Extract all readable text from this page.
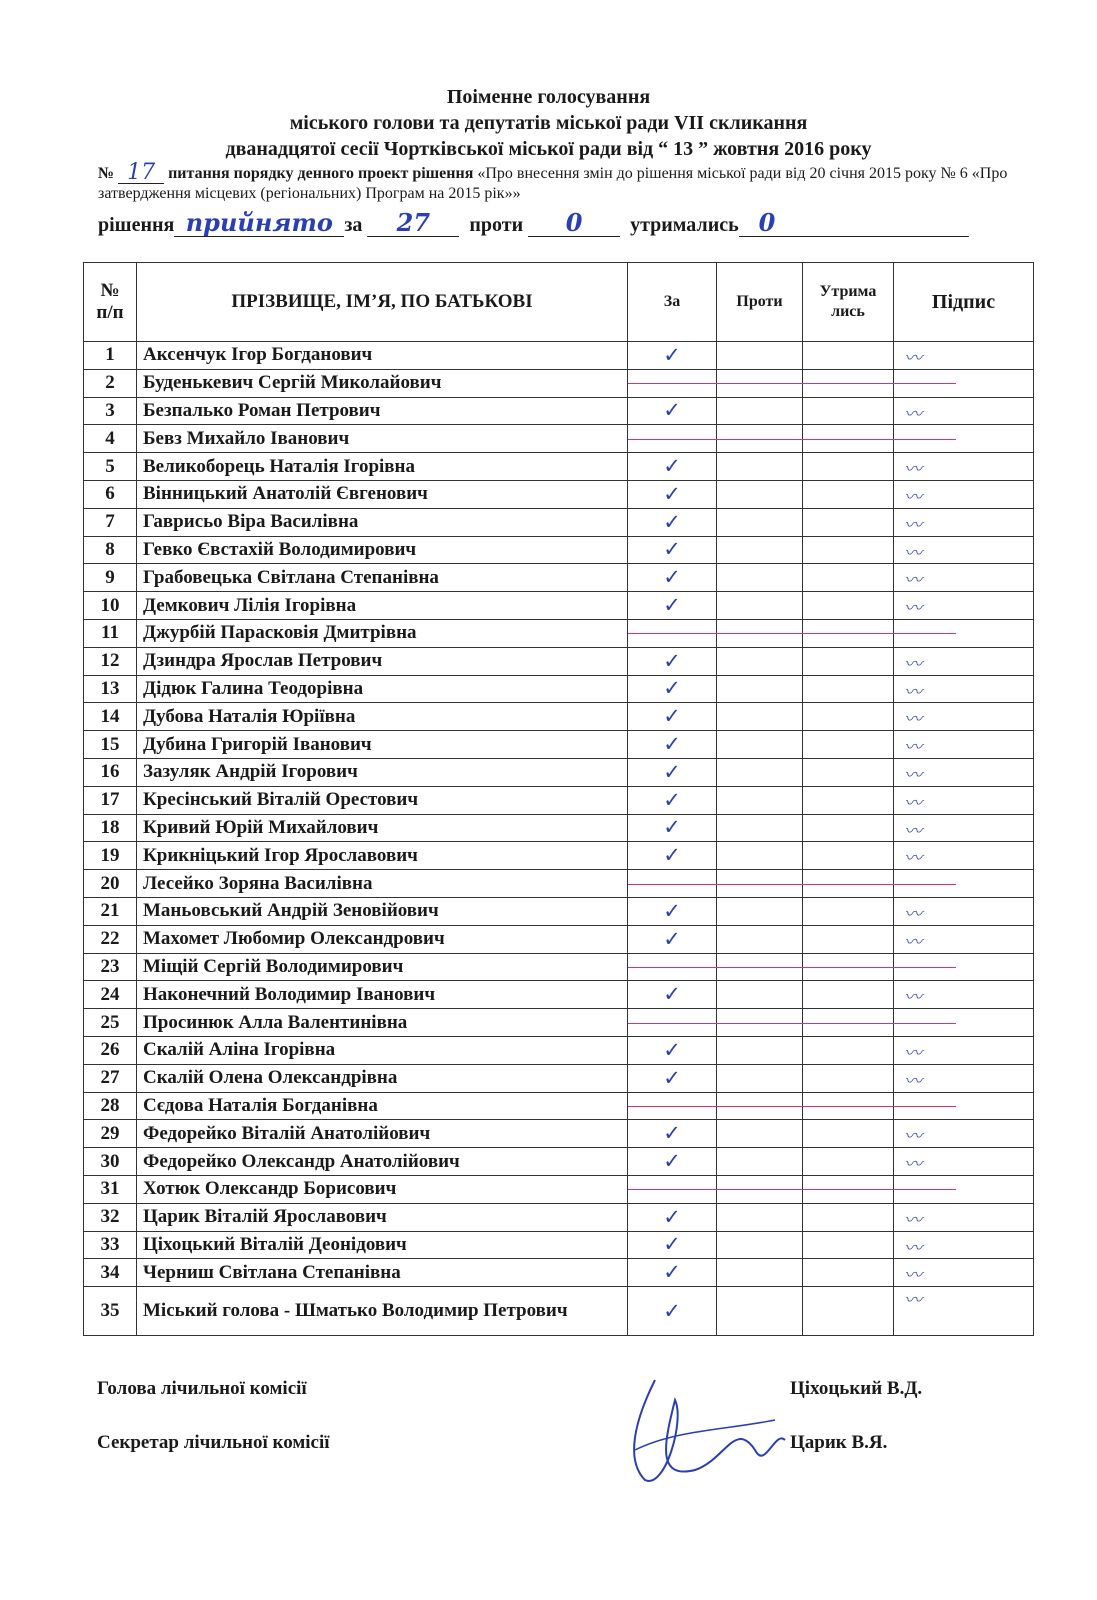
Поіменне голосування
міського голови та депутатів міської ради VII скликання
дванадцятої сесії Чортківської міської ради від “ 13 ” жовтня 2016 року
№ 17 питання порядку денного проект рішення «Про внесення змін до рішення міської ради від 20 січня 2015 року № 6 «Про затвердження місцевих (регіональних) Програм на 2015 рік»»
рішення прийнято за 27 проти 0 утримались 0
№ п/п	ПРІЗВИЩЕ, ІМ’Я, ПО БАТЬКОВІ	За	Проти	Утрима лись	Підпис
1	Аксенчук Ігор Богданович	✓			〰

2	Буденькевич Сергій Миколайович				
3	Безпалько Роман Петрович	✓			〰

4	Бевз Михайло Іванович				
5	Великоборець Наталія Ігорівна	✓			〰

6	Вінницький Анатолій Євгенович	✓			〰

7	Гаврисьо Віра Василівна	✓			〰

8	Гевко Євстахій Володимирович	✓			〰

9	Грабовецька Світлана Степанівна	✓			〰

10	Демкович Лілія Ігорівна	✓			〰

11	Джурбій Парасковія Дмитрівна				
12	Дзиндра Ярослав Петрович	✓			〰

13	Дідюк Галина Теодорівна	✓			〰

14	Дубова Наталія Юріївна	✓			〰

15	Дубина Григорій Іванович	✓			〰

16	Зазуляк Андрій Ігорович	✓			〰

17	Кресінський Віталій Орестович	✓			〰

18	Кривий Юрій Михайлович	✓			〰

19	Крикніцький Ігор Ярославович	✓			〰

20	Лесейко Зоряна Василівна				
21	Маньовський Андрій Зеновійович	✓			〰

22	Махомет Любомир Олександрович	✓			〰

23	Міщій Сергій Володимирович				
24	Наконечний Володимир Іванович	✓			〰

25	Просинюк Алла Валентинівна				
26	Скалій Аліна Ігорівна	✓			〰

27	Скалій Олена Олександрівна	✓			〰

28	Сєдова Наталія Богданівна				
29	Федорейко Віталій Анатолійович	✓			〰

30	Федорейко Олександр Анатолійович	✓			〰

31	Хотюк Олександр Борисович				
32	Царик Віталій Ярославович	✓			〰

33	Ціхоцький Віталій Деонідович	✓			〰

34	Черниш Світлана Степанівна	✓			〰

35	Міський голова - Шматько Володимир Петрович	✓			〰
Голова лічильної комісії	Ціхоцький В.Д.
Секретар лічильної комісії	Царик В.Я.
